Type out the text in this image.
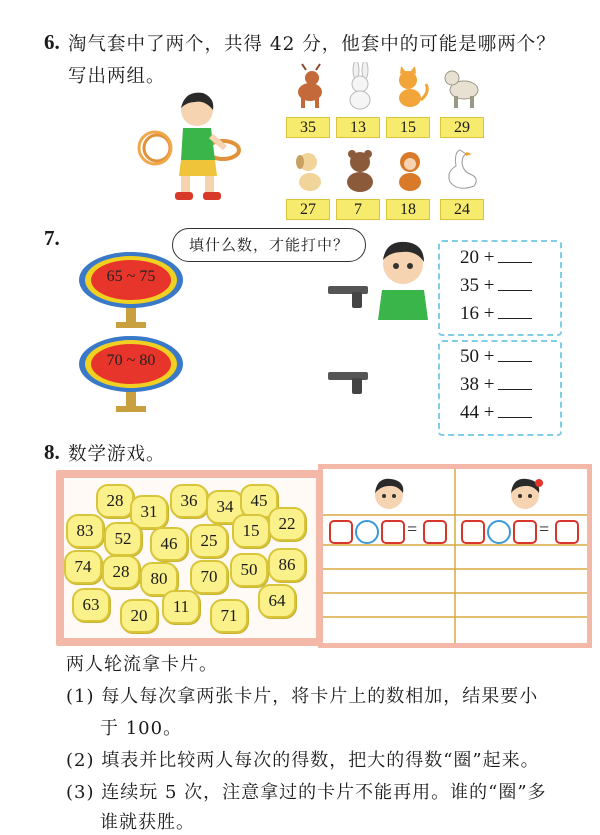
6. 淘气套中了两个，共得 42 分，他套中的可能是哪两个？
写出两组。
35	13	15	29
27	7	18	24
7.	填什么数，才能打中？
65 ~ 75
70 ~ 80
20 +
35 +
16 +
50 +
38 +
44 +
8. 数学游戏。
28
31
36	34	45
83	52	46	25
15	22
74	28	80	70	50	86
63
20	11	71
64
=	=
两人轮流拿卡片。
(1) 每人每次拿两张卡片，将卡片上的数相加，结果要小
于 100。
(2) 填表并比较两人每次的得数，把大的得数“圈”起来。
(3) 连续玩 5 次，注意拿过的卡片不能再用。谁的“圈”多
谁就获胜。
